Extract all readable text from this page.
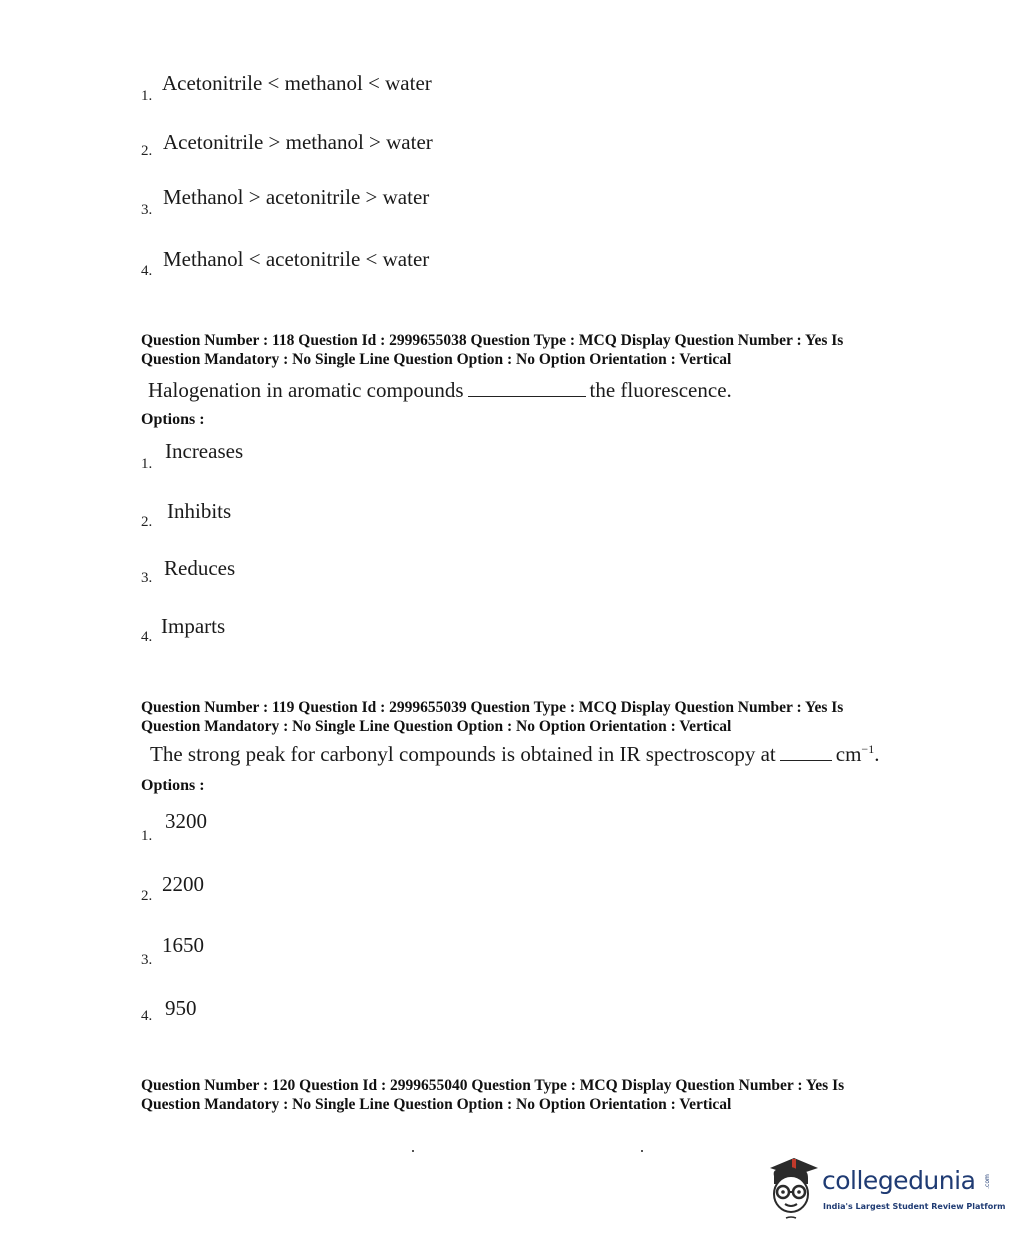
1.
Acetonitrile < methanol < water
2. Acetonitrile > methanol > water
3.
Methanol > acetonitrile > water
4. Methanol < acetonitrile < water
Question Number : 118 Question Id : 2999655038 Question Type : MCQ Display Question Number : Yes Is
Question Mandatory : No Single Line Question Option : No Option Orientation : Vertical
Halogenation in aromatic compounds	the fluorescence.
Options :
1.
Increases
2. Inhibits
3. Reduces
4. Imparts
Question Number : 119 Question Id : 2999655039 Question Type : MCQ Display Question Number : Yes Is
Question Mandatory : No Single Line Question Option : No Option Orientation : Vertical
The strong peak for carbonyl compounds is obtained in IR spectroscopy at	$cm^{-1}$.
Options :
1.
3200
2. 2200
3.
1650
4. 950
Question Number : 120 Question Id : 2999655040 Question Type : MCQ Display Question Number : Yes Is
Question Mandatory : No Single Line Question Option : No Option Orientation : Vertical
collegedunia .com
India's Largest Student Review Platform
